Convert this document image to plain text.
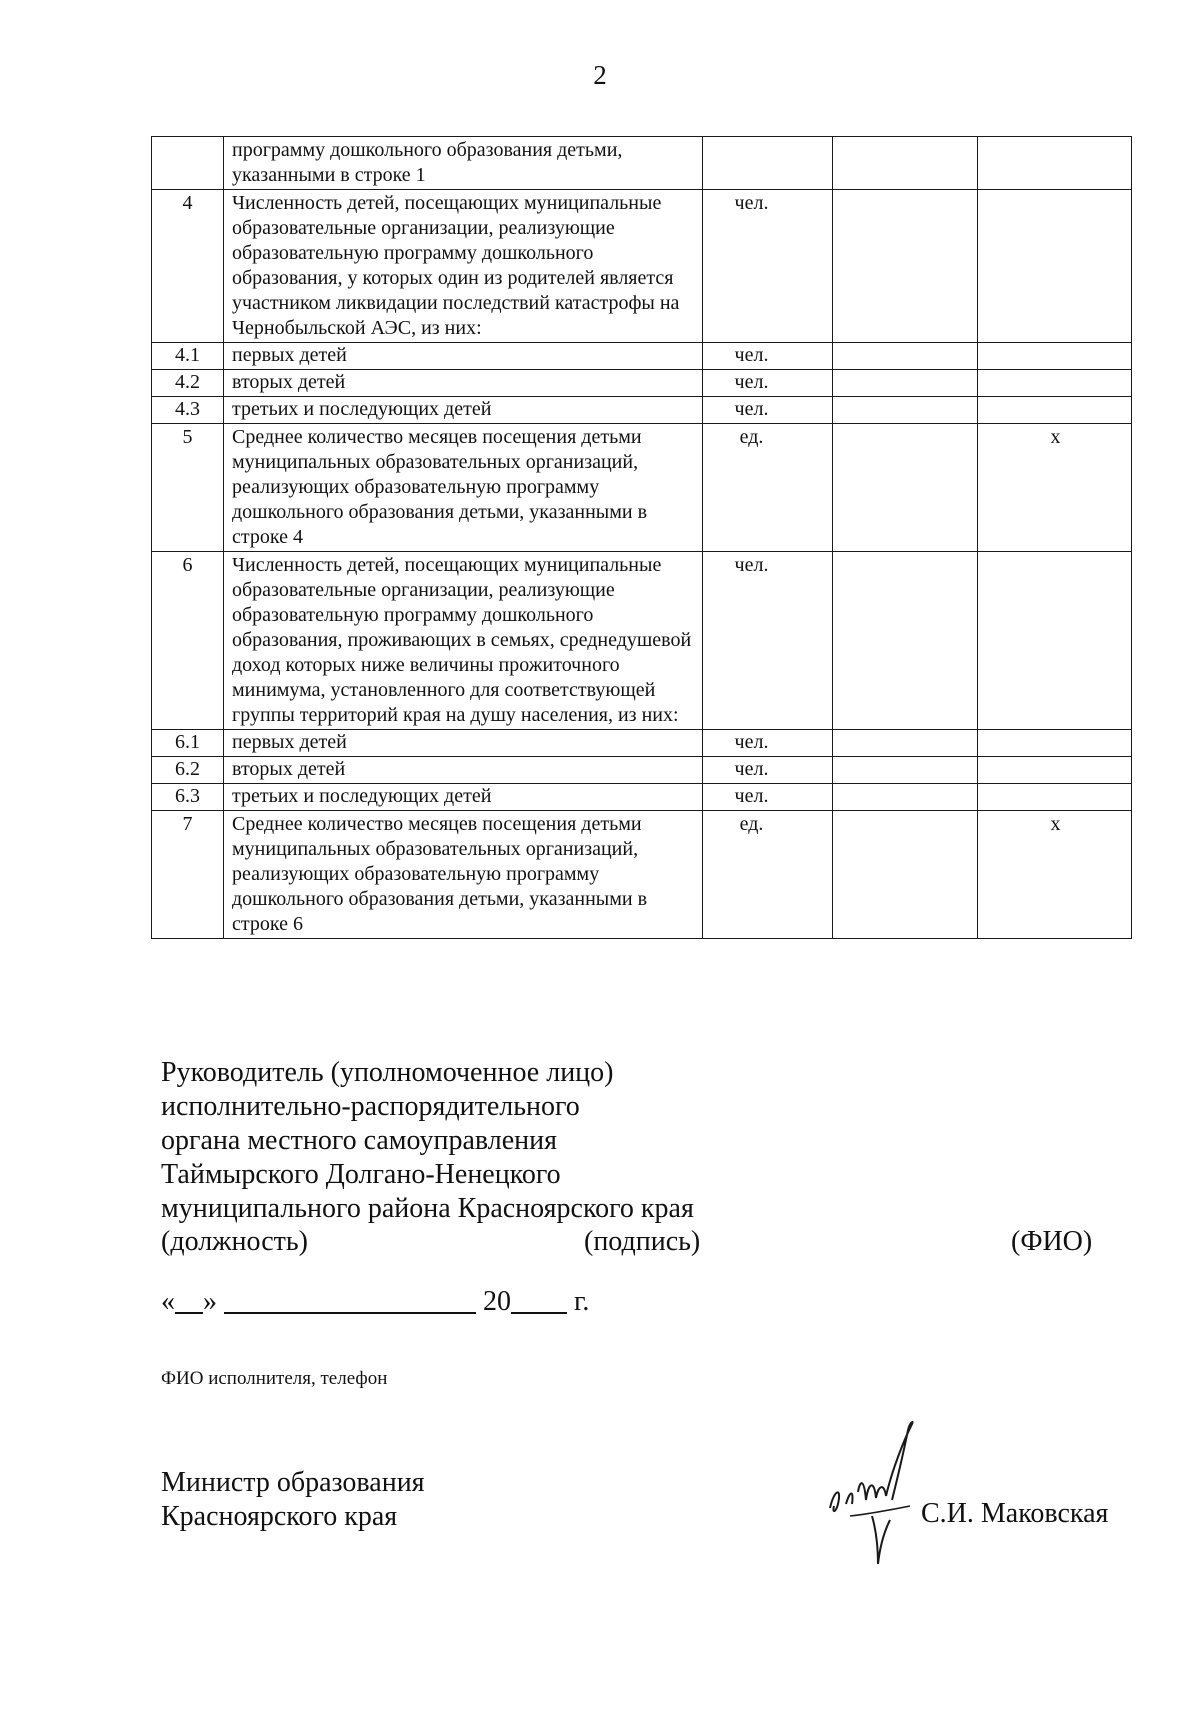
2
	программу дошкольного образования детьми, указанными в строке 1			
4	Численность детей, посещающих муниципальные образовательные организации, реализующие образовательную программу дошкольного образования, у которых один из родителей является участником ликвидации последствий катастрофы на Чернобыльской АЭС, из них:	чел.		
4.1	первых детей	чел.		
4.2	вторых детей	чел.		
4.3	третьих и последующих детей	чел.		
5	Среднее количество месяцев посещения детьми муниципальных образовательных организаций, реализующих образовательную программу дошкольного образования детьми, указанными в строке 4	ед.		х
6	Численность детей, посещающих муниципальные образовательные организации, реализующие образовательную программу дошкольного образования, проживающих в семьях, среднедушевой доход которых ниже величины прожиточного минимума, установленного для соответствующей группы территорий края на душу населения, из них:	чел.		
6.1	первых детей	чел.		
6.2	вторых детей	чел.		
6.3	третьих и последующих детей	чел.		
7	Среднее количество месяцев посещения детьми муниципальных образовательных организаций, реализующих образовательную программу дошкольного образования детьми, указанными в строке 6	ед.		х
Руководитель (уполномоченное лицо)
исполнительно-распорядительного
органа местного самоуправления
Таймырского Долгано-Ненецкого
муниципального района Красноярского края
(должность)	(подпись)	(ФИО)
« »	20 г.
ФИО исполнителя, телефон
Министр образования
Красноярского края	С.И. Маковская
